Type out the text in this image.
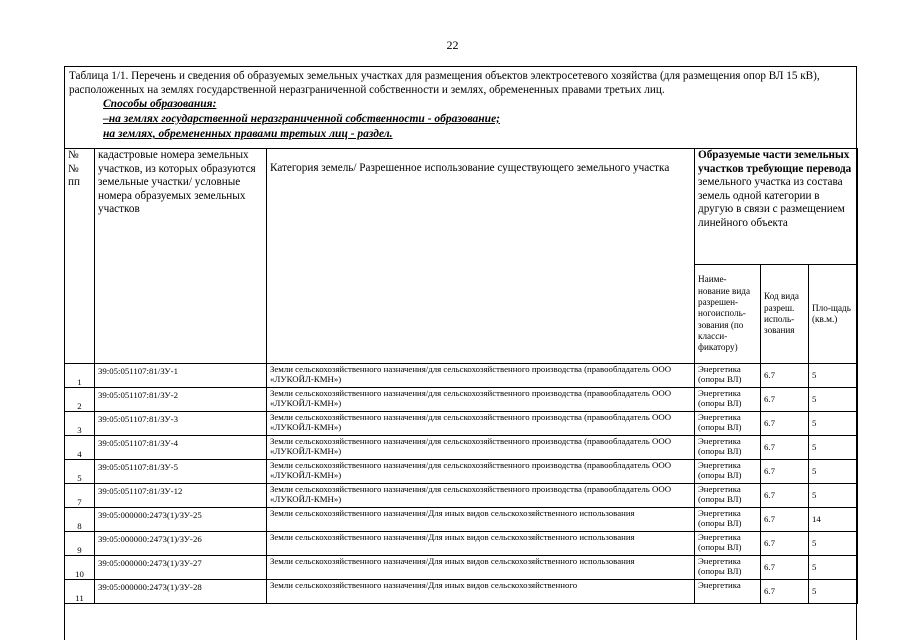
22
Таблица 1/1. Перечень и сведения об образуемых земельных участках для размещения объектов электросетевого хозяйства (для размещения опор ВЛ 15 кВ), расположенных на землях государственной неразграниченной собственности и землях, обремененных правами третьих лиц.
Способы образования:
–на землях государственной неразграниченной собственности - образование;
на землях, обремененных правами третьих лиц - раздел.
№ № пп	кадастровые номера земельных участков, из которых образуются земельные участки/ условные номера образуемых земельных участков	Категория земель/ Разрешенное использование существующего земельного участка	Образуемые части земельных участков требующие перевода земельного участка из состава земель одной категории в другую в связи с размещением линейного объекта		
			Наиме-нование вида разрешен-ногоисполь-зования (по класси-фикатору)	Код вида разреш. исполь-зования	Пло-щадь (кв.м.)
1	39:05:051107:81/ЗУ-1	Земли сельскохозяйственного назначения/для сельскохозяйственного производства (правообладатель ООО «ЛУКОЙЛ-КМН»)	Энергетика (опоры ВЛ)	6.7	5
2	39:05:051107:81/ЗУ-2	Земли сельскохозяйственного назначения/для сельскохозяйственного производства (правообладатель ООО «ЛУКОЙЛ-КМН»)	Энергетика (опоры ВЛ)	6.7	5
3	39:05:051107:81/ЗУ-3	Земли сельскохозяйственного назначения/для сельскохозяйственного производства (правообладатель ООО «ЛУКОЙЛ-КМН»)	Энергетика (опоры ВЛ)	6.7	5
4	39:05:051107:81/ЗУ-4	Земли сельскохозяйственного назначения/для сельскохозяйственного производства (правообладатель ООО «ЛУКОЙЛ-КМН»)	Энергетика (опоры ВЛ)	6.7	5
5	39:05:051107:81/ЗУ-5	Земли сельскохозяйственного назначения/для сельскохозяйственного производства (правообладатель ООО «ЛУКОЙЛ-КМН»)	Энергетика (опоры ВЛ)	6.7	5
7	39:05:051107:81/ЗУ-12	Земли сельскохозяйственного назначения/для сельскохозяйственного производства (правообладатель ООО «ЛУКОЙЛ-КМН»)	Энергетика (опоры ВЛ)	6.7	5
8	39:05:000000:2473(1)/ЗУ-25	Земли сельскохозяйственного назначения/Для иных видов сельскохозяйственного использования	Энергетика (опоры ВЛ)	6.7	14
9	39:05:000000:2473(1)/ЗУ-26	Земли сельскохозяйственного назначения/Для иных видов сельскохозяйственного использования	Энергетика (опоры ВЛ)	6.7	5
10	39:05:000000:2473(1)/ЗУ-27	Земли сельскохозяйственного назначения/Для иных видов сельскохозяйственного использования	Энергетика (опоры ВЛ)	6.7	5
11	39:05:000000:2473(1)/ЗУ-28	Земли сельскохозяйственного назначения/Для иных видов сельскохозяйственного	Энергетика	6.7	5
